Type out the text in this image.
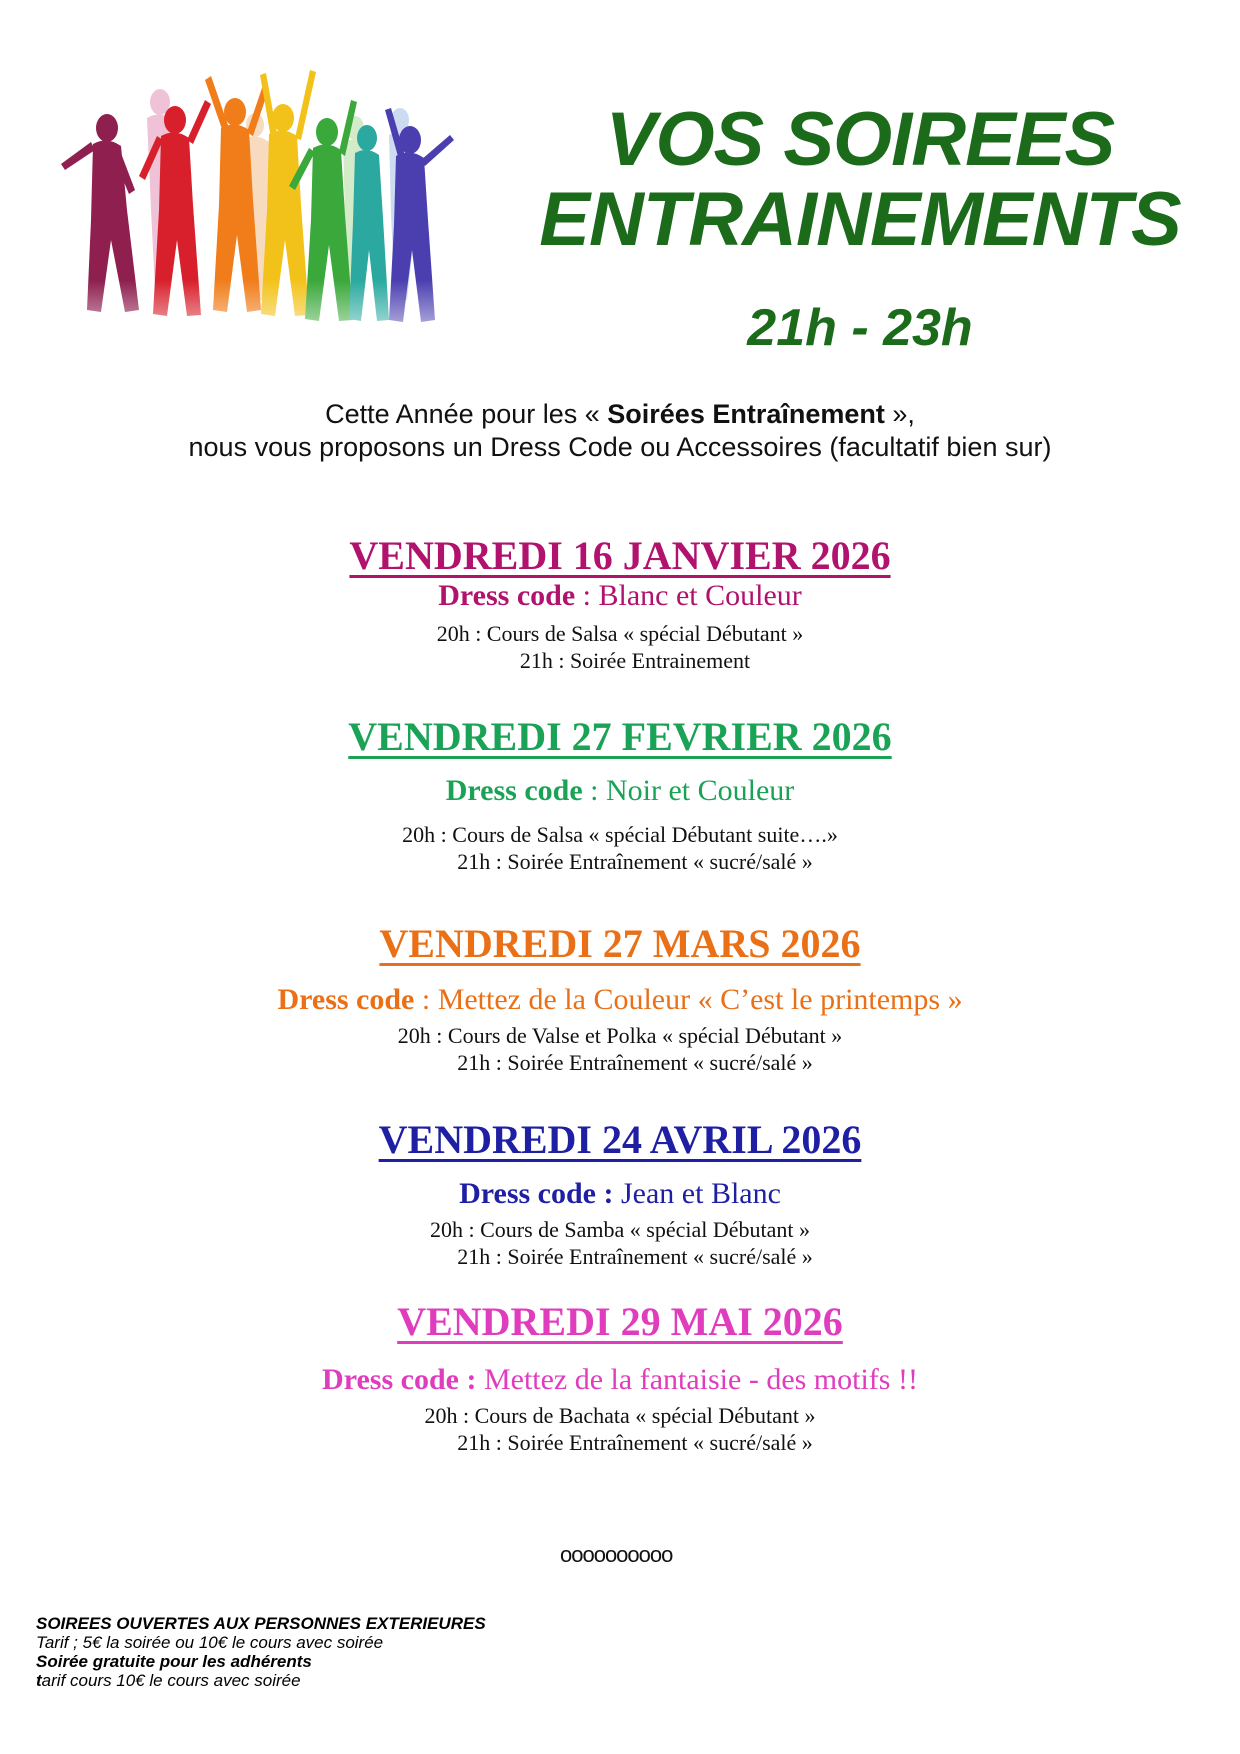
VOS SOIREES
ENTRAINEMENTS
21h - 23h
Cette Année pour les « Soirées Entraînement »,
nous vous proposons un Dress Code ou Accessoires (facultatif bien sur)
VENDREDI 16 JANVIER 2026
Dress code : Blanc et Couleur
20h : Cours de Salsa « spécial Débutant »
21h : Soirée Entrainement
VENDREDI 27 FEVRIER 2026
Dress code : Noir et Couleur
20h : Cours de Salsa « spécial Débutant suite….»
21h : Soirée Entraînement « sucré/salé »
VENDREDI 27 MARS 2026
Dress code : Mettez de la Couleur « C’est le printemps »
20h : Cours de Valse et Polka « spécial Débutant »
21h : Soirée Entraînement « sucré/salé »
VENDREDI 24 AVRIL 2026
Dress code : Jean et Blanc
20h : Cours de Samba « spécial Débutant »
21h : Soirée Entraînement « sucré/salé »
VENDREDI 29 MAI 2026
Dress code : Mettez de la fantaisie - des motifs !!
20h : Cours de Bachata « spécial Débutant »
21h : Soirée Entraînement « sucré/salé »
oooooooooo
SOIREES OUVERTES AUX PERSONNES EXTERIEURES
Tarif ; 5€ la soirée ou 10€ le cours avec soirée
Soirée gratuite pour les adhérents
tarif cours 10€ le cours avec soirée
